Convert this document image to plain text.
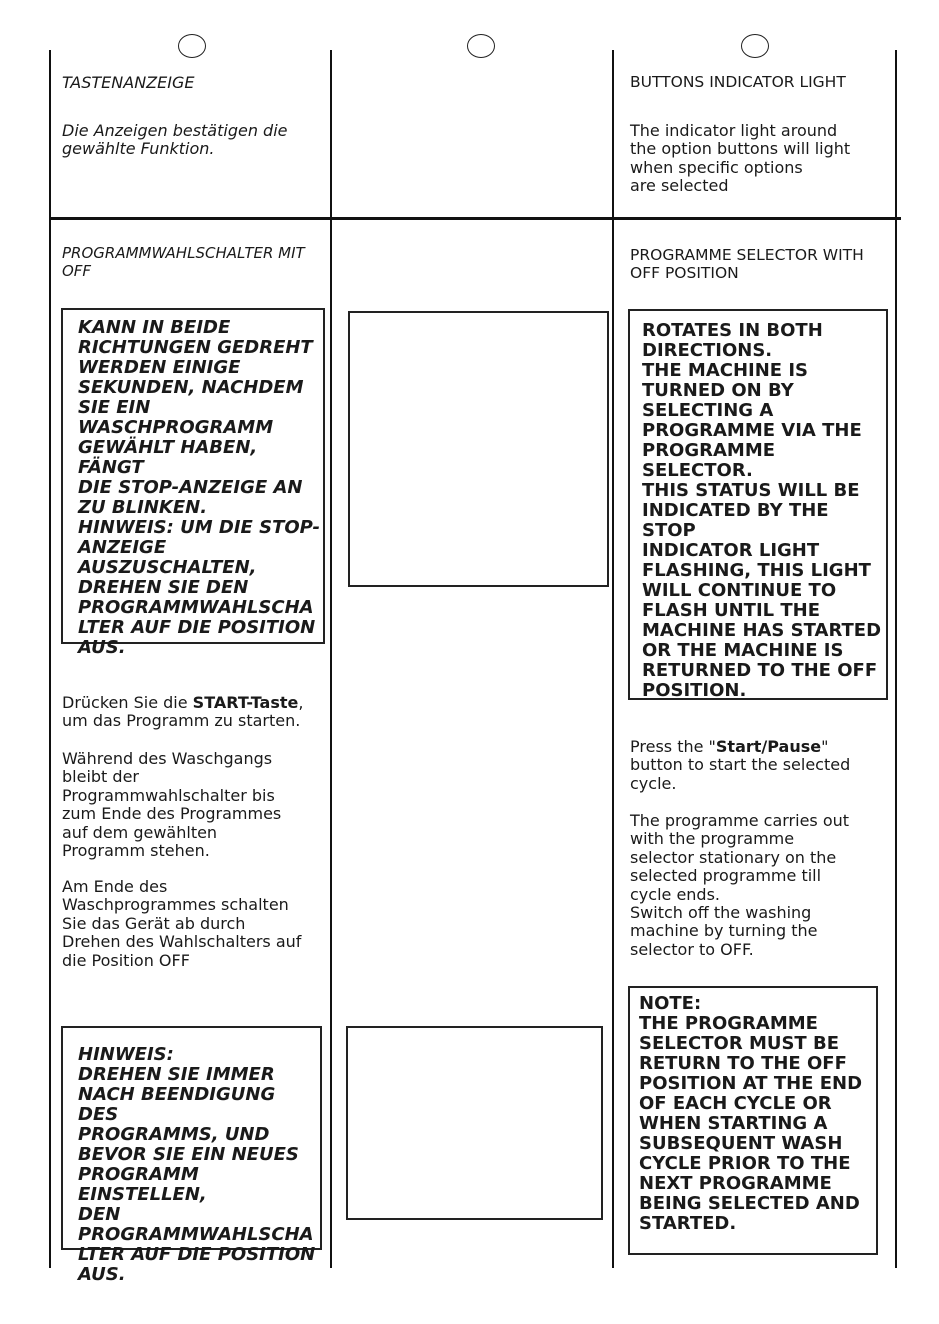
TASTENANZEIGE

Die Anzeigen bestätigen die
gewählte Funktion.
PROGRAMMWAHLSCHALTER MIT
OFF
KANN IN BEIDE
RICHTUNGEN GEDREHT
WERDEN EINIGE
SEKUNDEN, NACHDEM
SIE EIN
WASCHPROGRAMM
GEWÄHLT HABEN, FÄNGT
DIE STOP-ANZEIGE AN
ZU BLINKEN.
HINWEIS: UM DIE STOP-
ANZEIGE
AUSZUSCHALTEN,
DREHEN SIE DEN
PROGRAMMWAHLSCHA
LTER AUF DIE POSITION
AUS.
Drücken Sie die START-Taste,
um das Programm zu starten.
Während des Waschgangs
bleibt der
Programmwahlschalter bis
zum Ende des Programmes
auf dem gewählten
Programm stehen.
Am Ende des
Waschprogrammes schalten
Sie das Gerät ab durch
Drehen des Wahlschalters auf
die Position OFF
HINWEIS:
DREHEN SIE IMMER
NACH BEENDIGUNG DES
PROGRAMMS, UND
BEVOR SIE EIN NEUES
PROGRAMM EINSTELLEN,
DEN
PROGRAMMWAHLSCHA
LTER AUF DIE POSITION
AUS.

BUTTONS INDICATOR LIGHT

The indicator light around
the option buttons will light
when specific options
are selected
PROGRAMME SELECTOR WITH
OFF POSITION
ROTATES IN BOTH
DIRECTIONS.
THE MACHINE IS
TURNED ON BY
SELECTING A
PROGRAMME VIA THE
PROGRAMME
SELECTOR.
THIS STATUS WILL BE
INDICATED BY THE STOP
INDICATOR LIGHT
FLASHING, THIS LIGHT
WILL CONTINUE TO
FLASH UNTIL THE
MACHINE HAS STARTED
OR THE MACHINE IS
RETURNED TO THE OFF
POSITION.
Press the "Start/Pause"
button to start the selected
cycle.
The programme carries out
with the programme
selector stationary on the
selected programme till
cycle ends.
Switch off the washing
machine by turning the
selector to OFF.
NOTE:
THE PROGRAMME
SELECTOR MUST BE
RETURN TO THE OFF
POSITION AT THE END
OF EACH CYCLE OR
WHEN STARTING A
SUBSEQUENT WASH
CYCLE PRIOR TO THE
NEXT PROGRAMME
BEING SELECTED AND
STARTED.
